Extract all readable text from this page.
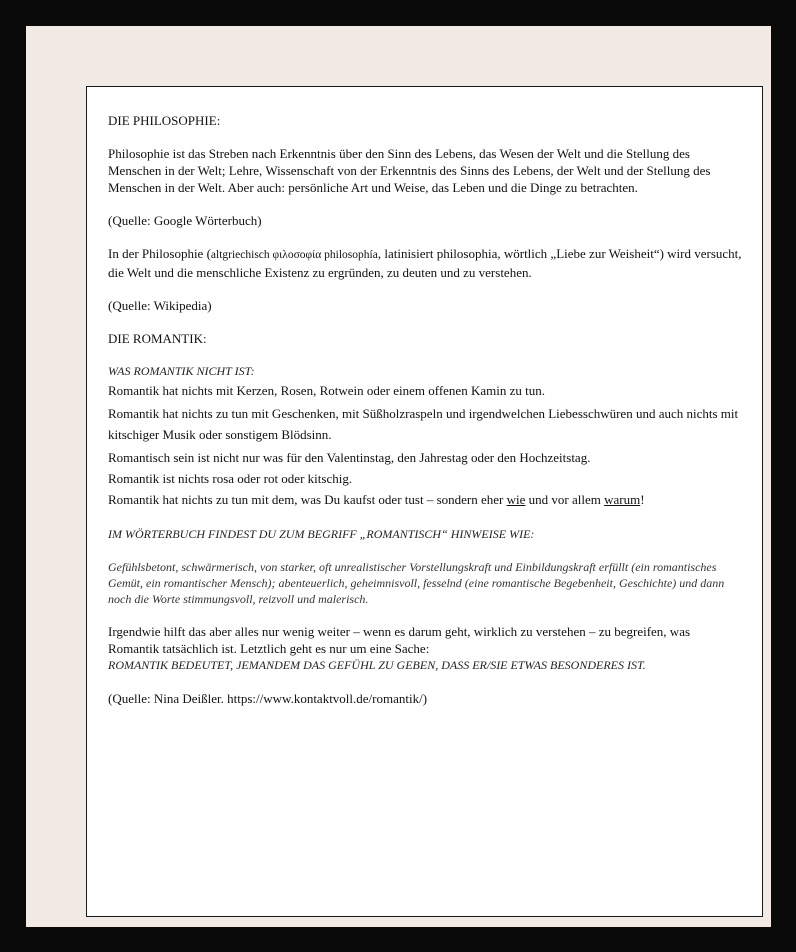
DIE PHILOSOPHIE:

Philosophie ist das Streben nach Erkenntnis über den Sinn des Lebens, das Wesen der Welt und die Stellung des Menschen in der Welt; Lehre, Wissenschaft von der Erkenntnis des Sinns des Lebens, der Welt und der Stellung des Menschen in der Welt. Aber auch: persönliche Art und Weise, das Leben und die Dinge zu betrachten.

(Quelle: Google Wörterbuch)

In der Philosophie (altgriechisch φιλοσοφία philosophía, latinisiert philosophia, wörtlich „Liebe zur Weisheit“) wird versucht, die Welt und die menschliche Existenz zu ergründen, zu deuten und zu verstehen.

(Quelle: Wikipedia)

DIE ROMANTIK:

WAS ROMANTIK NICHT IST:

Romantik hat nichts mit Kerzen, Rosen, Rotwein oder einem offenen Kamin zu tun.

Romantik hat nichts zu tun mit Geschenken, mit Süßholzraspeln und irgendwelchen Liebesschwüren und auch nichts mit kitschiger Musik oder sonstigem Blödsinn.

Romantisch sein ist nicht nur was für den Valentinstag, den Jahrestag oder den Hochzeitstag.

Romantik ist nichts rosa oder rot oder kitschig.

Romantik hat nichts zu tun mit dem, was Du kaufst oder tust – sondern eher wie und vor allem warum!

IM WÖRTERBUCH FINDEST DU ZUM BEGRIFF „ROMANTISCH“ HINWEISE WIE:

Gefühlsbetont, schwärmerisch, von starker, oft unrealistischer Vorstellungskraft und Einbildungskraft erfüllt (ein romantisches Gemüt, ein romantischer Mensch); abenteuerlich, geheimnisvoll, fesselnd (eine romantische Begebenheit, Geschichte) und dann noch die Worte stimmungsvoll, reizvoll und malerisch.

Irgendwie hilft das aber alles nur wenig weiter – wenn es darum geht, wirklich zu verstehen – zu begreifen, was Romantik tatsächlich ist. Letztlich geht es nur um eine Sache:

ROMANTIK BEDEUTET, JEMANDEM DAS GEFÜHL ZU GEBEN, DASS ER/SIE ETWAS BESONDERES IST.

(Quelle: Nina Deißler. https://www.kontaktvoll.de/romantik/)
